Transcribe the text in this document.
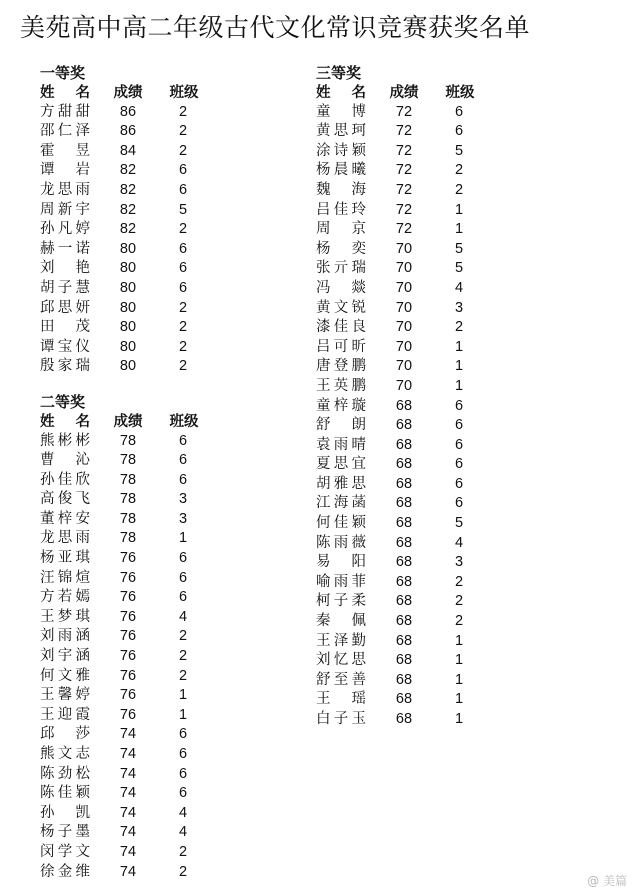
美苑高中高二年级古代文化常识竞赛获奖名单
一等奖
姓名	成绩	班级
方甜甜	86	2
邵仁泽	86	2
霍昱	84	2
谭岩	82	6
龙思雨	82	6
周新宇	82	5
孙凡婷	82	2
赫一诺	80	6
刘艳	80	6
胡子慧	80	6
邱思妍	80	2
田茂	80	2
谭宝仪	80	2
殷家瑞	80	2
二等奖
姓名	成绩	班级
熊彬彬	78	6
曹沁	78	6
孙佳欣	78	6
高俊飞	78	3
董梓安	78	3
龙思雨	78	1
杨亚琪	76	6
汪锦煊	76	6
方若嫣	76	6
王梦琪	76	4
刘雨涵	76	2
刘宇涵	76	2
何文雅	76	2
王馨婷	76	1
王迎霞	76	1
邱莎	74	6
熊文志	74	6
陈劲松	74	6
陈佳颖	74	6
孙凯	74	4
杨子墨	74	4
闵学文	74	2
徐金维	74	2
三等奖
姓名	成绩	班级
童博	72	6
黄思珂	72	6
涂诗颖	72	5
杨晨曦	72	2
魏海	72	2
吕佳玲	72	1
周京	72	1
杨奕	70	5
张亓瑞	70	5
冯燚	70	4
黄文锐	70	3
漆佳良	70	2
吕可昕	70	1
唐登鹏	70	1
王英鹏	70	1
童梓璇	68	6
舒朗	68	6
袁雨晴	68	6
夏思宜	68	6
胡雅思	68	6
江海菡	68	6
何佳颖	68	5
陈雨薇	68	4
易阳	68	3
喻雨菲	68	2
柯子柔	68	2
秦佩	68	2
王泽勤	68	1
刘忆思	68	1
舒至善	68	1
王瑶	68	1
白子玉	68	1
@ 美篇
